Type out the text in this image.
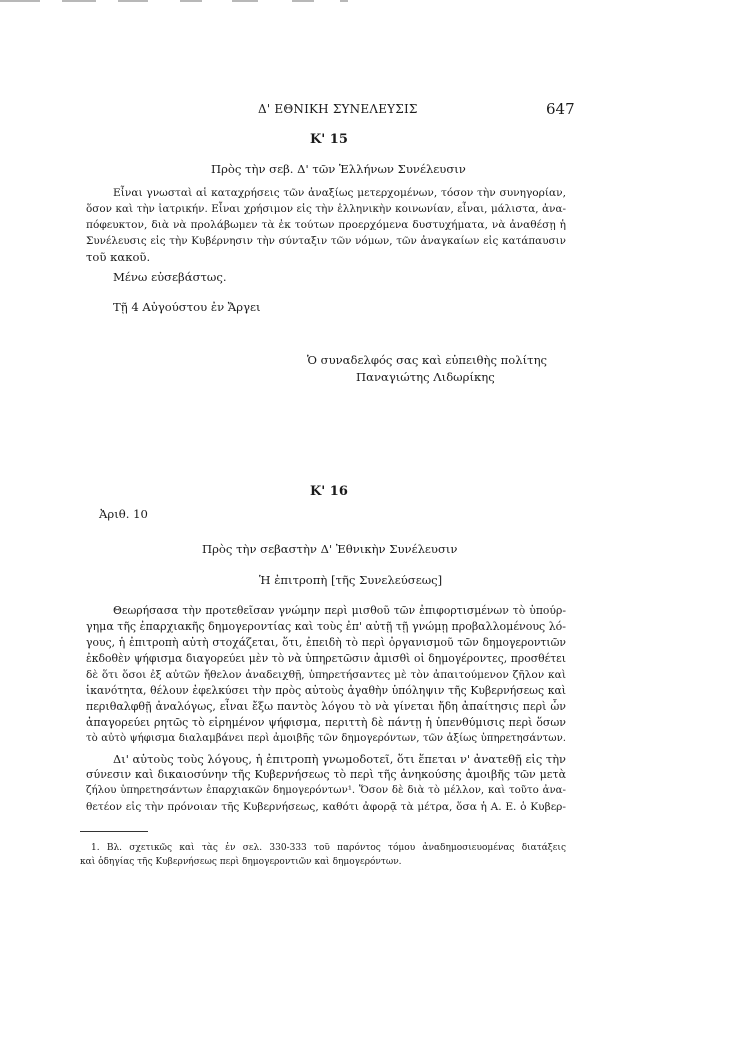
Δ' ΕΘΝΙΚΗ ΣΥΝΕΛΕΥΣΙΣ	647
Κ' 15
Πρὸς τὴν σεβ. Δ' τῶν Ἑλλήνων Συνέλευσιν
Εἶναι γνωσταὶ αἱ καταχρήσεις τῶν ἀναξίως μετερχομένων, τόσον τὴν συνηγορίαν,
ὅσον καὶ τὴν ἰατρικήν. Εἶναι χρήσιμον εἰς τὴν ἑλληνικὴν κοινωνίαν, εἶναι, μάλιστα, ἀνα-
πόφευκτον, διὰ νὰ προλάβωμεν τὰ ἐκ τούτων προερχόμενα δυστυχήματα, νὰ ἀναθέσῃ ἡ
Συνέλευσις εἰς τὴν Κυβέρνησιν τὴν σύνταξιν τῶν νόμων, τῶν ἀναγκαίων εἰς κατάπαυσιν
τοῦ κακοῦ.
Μένω εὐσεβάστως.
Τῇ 4 Αὐγούστου ἐν Ἄργει
Ὁ συναδελφός σας καὶ εὐπειθὴς πολίτης
Παναγιώτης Λιδωρίκης
Κ' 16
Ἀριθ. 10
Πρὸς τὴν σεβαστὴν Δ' Ἐθνικὴν Συνέλευσιν
Ἡ ἐπιτροπὴ [τῆς Συνελεύσεως]
Θεωρήσασα τὴν προτεθεῖσαν γνώμην περὶ μισθοῦ τῶν ἐπιφορτισμένων τὸ ὑπούρ-
γημα τῆς ἐπαρχιακῆς δημογεροντίας καὶ τοὺς ἐπ' αὐτῇ τῇ γνώμῃ προβαλλομένους λό-
γους, ἡ ἐπιτροπὴ αὐτὴ στοχάζεται, ὅτι, ἐπειδὴ τὸ περὶ ὀργανισμοῦ τῶν δημογεροντιῶν
ἐκδοθὲν ψήφισμα διαγορεύει μὲν τὸ νὰ ὑπηρετῶσιν ἀμισθὶ οἱ δημογέροντες, προσθέτει
δὲ ὅτι ὅσοι ἐξ αὐτῶν ἤθελον ἀναδειχθῇ, ὑπηρετήσαντες μὲ τὸν ἀπαιτούμενον ζῆλον καὶ
ἱκανότητα, θέλουν ἐφελκύσει τὴν πρὸς αὐτοὺς ἀγαθὴν ὑπόληψιν τῆς Κυβερνήσεως καὶ
περιθαλφθῇ ἀναλόγως, εἶναι ἔξω παντὸς λόγου τὸ νὰ γίνεται ἤδη ἀπαίτησις περὶ ὧν
ἀπαγορεύει ρητῶς τὸ εἰρημένον ψήφισμα, περιττὴ δὲ πάντῃ ἡ ὑπενθύμισις περὶ ὅσων
τὸ αὐτὸ ψήφισμα διαλαμβάνει περὶ ἀμοιβῆς τῶν δημογερόντων, τῶν ἀξίως ὑπηρετησάντων.
Δι' αὐτοὺς τοὺς λόγους, ἡ ἐπιτροπὴ γνωμοδοτεῖ, ὅτι ἕπεται ν' ἀνατεθῇ εἰς τὴν
σύνεσιν καὶ δικαιοσύνην τῆς Κυβερνήσεως τὸ περὶ τῆς ἀνηκούσης ἀμοιβῆς τῶν μετὰ
ζήλου ὑπηρετησάντων ἐπαρχιακῶν δημογερόντων¹. Ὅσον δὲ διὰ τὸ μέλλον, καὶ τοῦτο ἀνα-
θετέον εἰς τὴν πρόνοιαν τῆς Κυβερνήσεως, καθότι ἀφορᾷ τὰ μέτρα, ὅσα ἡ Α. Ε. ὁ Κυβερ-
1. Βλ. σχετικῶς καὶ τὰς ἐν σελ. 330-333 τοῦ παρόντος τόμου ἀναδημοσιευομένας διατάξεις
καὶ ὁδηγίας τῆς Κυβερνήσεως περὶ δημογεροντιῶν καὶ δημογερόντων.
